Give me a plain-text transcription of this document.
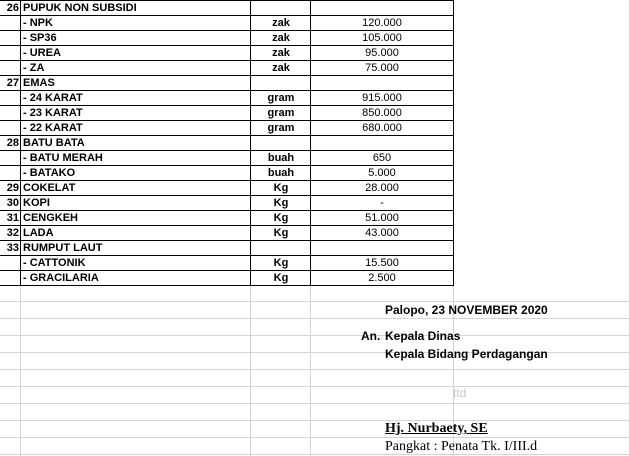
26 PUPUK NON SUBSIDI
- NPK	zak	120.000
- SP36	zak	105.000
- UREA	zak	95.000
- ZA	zak	75.000
27 EMAS
- 24 KARAT	gram	915.000
- 23 KARAT	gram	850.000
- 22 KARAT	gram	680.000
28 BATU BATA
- BATU MERAH	buah	650
- BATAKO	buah	5.000
29 COKELAT	Kg	28.000
30 KOPI	Kg	-
31 CENGKEH	Kg	51.000
32 LADA	Kg	43.000
33 RUMPUT LAUT
- CATTONIK	Kg	15.500
- GRACILARIA	Kg	2.500
Palopo, 23 NOVEMBER 2020
An. Kepala Dinas
Kepala Bidang Perdagangan
ttd
Hj. Nurbaety, SE
Pangkat : Penata Tk. I/III.d
